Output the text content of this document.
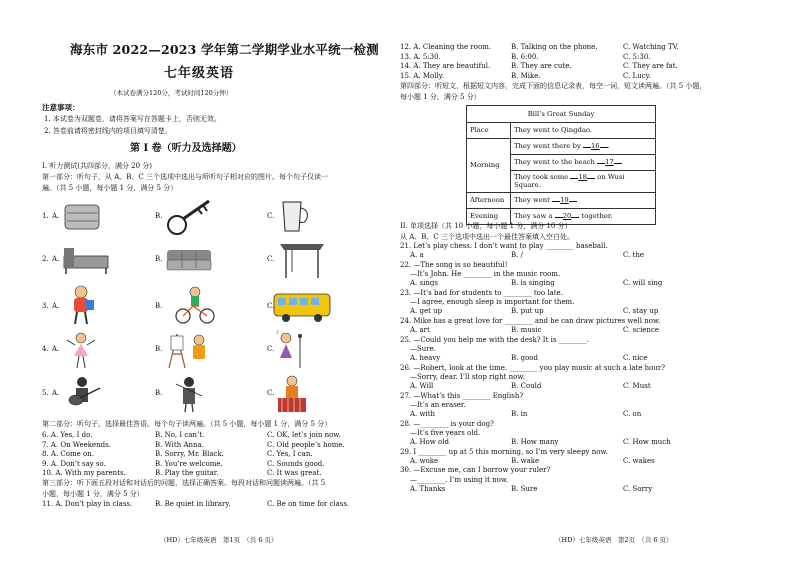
海东市 2022—2023 学年第二学期学业水平统一检测
七年级英语
（本试卷满分120分，考试时间120分钟）
注意事项：
1. 本试卷为双题卷，请将答案写在答题卡上，否则无效。
2. 答卷前请将密封线内的项目填写清楚。
第 I 卷（听力及选择题）
I. 听力测试(共四部分，满分 20 分)
第一部分：听句子，从 A、B、C 三个选项中选出与所听句子相对应的图片。每个句子仅读一
遍。（共 5 小题，每小题 1 分，满分 5 分）
1. A.	B.	C.
2. A.	B.	C.
3. A.	B.	C.
4. A.	B.	C.
5. A.	B.	C.
♪
第二部分：听句子，选择最佳答语。每个句子读两遍。（共 5 小题，每小题 1 分，满分 5 分）
6. A. Yes, I do.	B. No, I can’t.	C. OK, let’s join now.
7. A. On Weekends.	B. With Anna.	C. Old people’s home.
8. A. Come on.	B. Sorry, Mr. Black.	C. Yes, I can.
9. A. Don’t say so.	B. You’re welcome.	C. Sounds good.
10. A. With my parents.	B. Play the guitar.	C. It was great.
第三部分：听下面五段对话和对话后的问题，选择正确答案。每段对话和问题读两遍。（共 5
小题，每小题 1 分，满分 5 分）
11. A. Don’t play in class.	B. Be quiet in library.	C. Be on time for class.
（HD）七年级英语　第1页　（共 6 页）
12. A. Cleaning the room.	B. Talking on the phone.	C. Watching TV.
13. A. 5:30.	B. 6:00.	C. 5:30.
14. A. They are beautiful.	B. They are cute.	C. They are fat.
15. A. Molly.	B. Mike.	C. Lucy.
第四部分：听短文，根据短文内容，完成下面的信息记录表，每空一词，短文读两遍。（共 5 小题，
每小题 1 分，满分 5 分）
Bill’s Great Sunday	
Place	They went to Qingdao.
Morning	They went there by 16 .
	They went to the beach 17
	They took some 18 on Wusi Square.
Afternoon	They went 19
Evening	They saw a 20 together.
II. 单项选择（共 10 小题，每小题 1 分，满分 10 分）
从 A、B、C 三个选项中选出一个最佳答案填入空白处。
21. Let’s play chess. I don’t want to play ________ baseball.
A. a	B. /	C. the
22. —The song is so beautiful!
—It’s John. He ________ in the music room.
A. sings	B. is singing	C. will sing
23. —It’s bad for students to ________ too late.
—I agree, enough sleep is important for them.
A. get up	B. put up	C. stay up
24. Mike has a great love for ________ and he can draw pictures well now.
A. art	B. music	C. science
25. —Could you help me with the desk? It is ________.
—Sure.
A. heavy	B. good	C. nice
26. —Robert, look at the time. ________ you play music at such a late hour?
—Sorry, dear. I’ll stop right now.
A. Will	B. Could	C. Must
27. —What’s this ________ English?
—It’s an eraser.
A. with	B. in	C. on
28. —________ is your dog?
—It’s five years old.
A. How old	B. How many	C. How much
29. I ________ up at 5 this morning, so I’m very sleepy now.
A. woke	B. wake	C. wakes
30. —Excuse me, can I borrow your ruler?
—________. I’m using it now.
A. Thanks	B. Sure	C. Sorry
（HD）七年级英语　第2页　（共 6 页）
